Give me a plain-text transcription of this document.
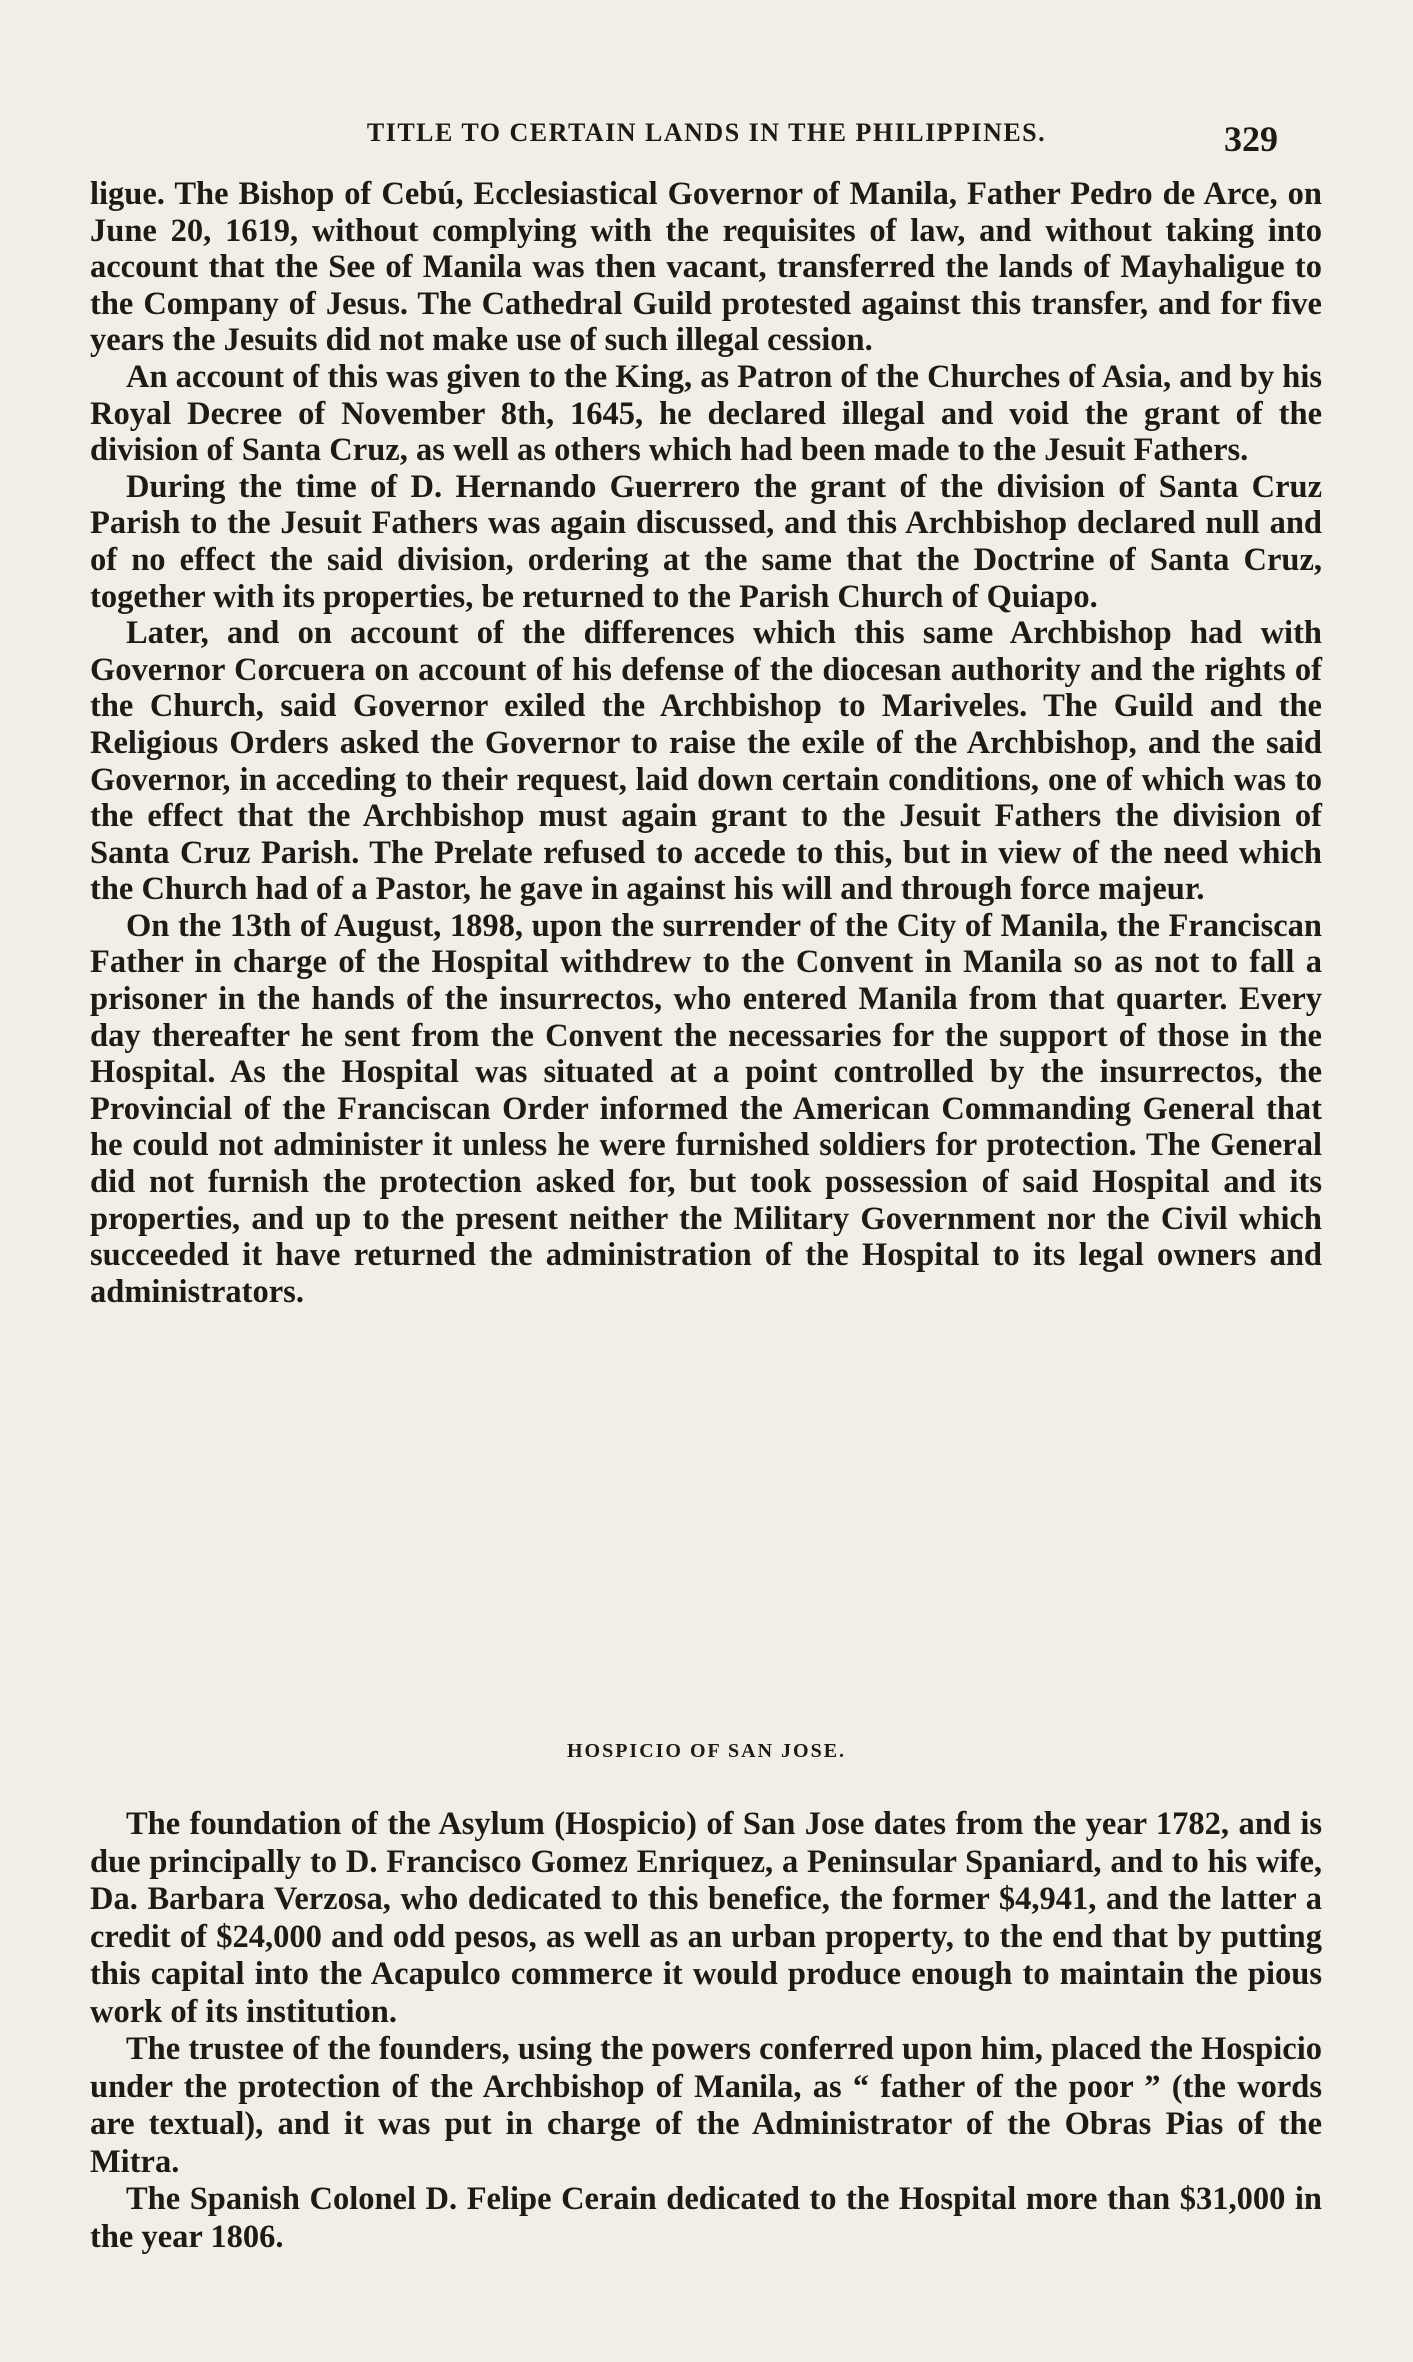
TITLE TO CERTAIN LANDS IN THE PHILIPPINES.	329

ligue. The Bishop of Cebú, Ecclesiastical Governor of Manila, Father Pedro de Arce, on June 20, 1619, without complying with the requisites of law, and without taking into account that the See of Manila was then vacant, transferred the lands of Mayhaligue to the Company of Jesus. The Cathedral Guild protested against this transfer, and for five years the Jesuits did not make use of such illegal cession.

An account of this was given to the King, as Patron of the Churches of Asia, and by his Royal Decree of November 8th, 1645, he declared illegal and void the grant of the division of Santa Cruz, as well as others which had been made to the Jesuit Fathers.

During the time of D. Hernando Guerrero the grant of the division of Santa Cruz Parish to the Jesuit Fathers was again discussed, and this Archbishop declared null and of no effect the said division, ordering at the same that the Doctrine of Santa Cruz, together with its properties, be returned to the Parish Church of Quiapo.

Later, and on account of the differences which this same Archbishop had with Governor Corcuera on account of his defense of the diocesan authority and the rights of the Church, said Governor exiled the Archbishop to Mariveles. The Guild and the Religious Orders asked the Governor to raise the exile of the Archbishop, and the said Governor, in acceding to their request, laid down certain conditions, one of which was to the effect that the Archbishop must again grant to the Jesuit Fathers the division of Santa Cruz Parish. The Prelate refused to accede to this, but in view of the need which the Church had of a Pastor, he gave in against his will and through force majeur.

On the 13th of August, 1898, upon the surrender of the City of Manila, the Franciscan Father in charge of the Hospital withdrew to the Convent in Manila so as not to fall a prisoner in the hands of the insurrectos, who entered Manila from that quarter. Every day thereafter he sent from the Convent the necessaries for the support of those in the Hospital. As the Hospital was situated at a point controlled by the insurrectos, the Provincial of the Franciscan Order informed the American Commanding General that he could not administer it unless he were furnished soldiers for protection. The General did not furnish the protection asked for, but took possession of said Hospital and its properties, and up to the present neither the Military Government nor the Civil which succeeded it have returned the administration of the Hospital to its legal owners and administrators.

HOSPICIO OF SAN JOSE.

The foundation of the Asylum (Hospicio) of San Jose dates from the year 1782, and is due principally to D. Francisco Gomez Enriquez, a Peninsular Spaniard, and to his wife, Da. Barbara Verzosa, who dedicated to this benefice, the former $4,941, and the latter a credit of $24,000 and odd pesos, as well as an urban property, to the end that by putting this capital into the Acapulco commerce it would produce enough to maintain the pious work of its institution.

The trustee of the founders, using the powers conferred upon him, placed the Hospicio under the protection of the Archbishop of Manila, as “ father of the poor ” (the words are textual), and it was put in charge of the Administrator of the Obras Pias of the Mitra.

The Spanish Colonel D. Felipe Cerain dedicated to the Hospital more than $31,000 in the year 1806.
